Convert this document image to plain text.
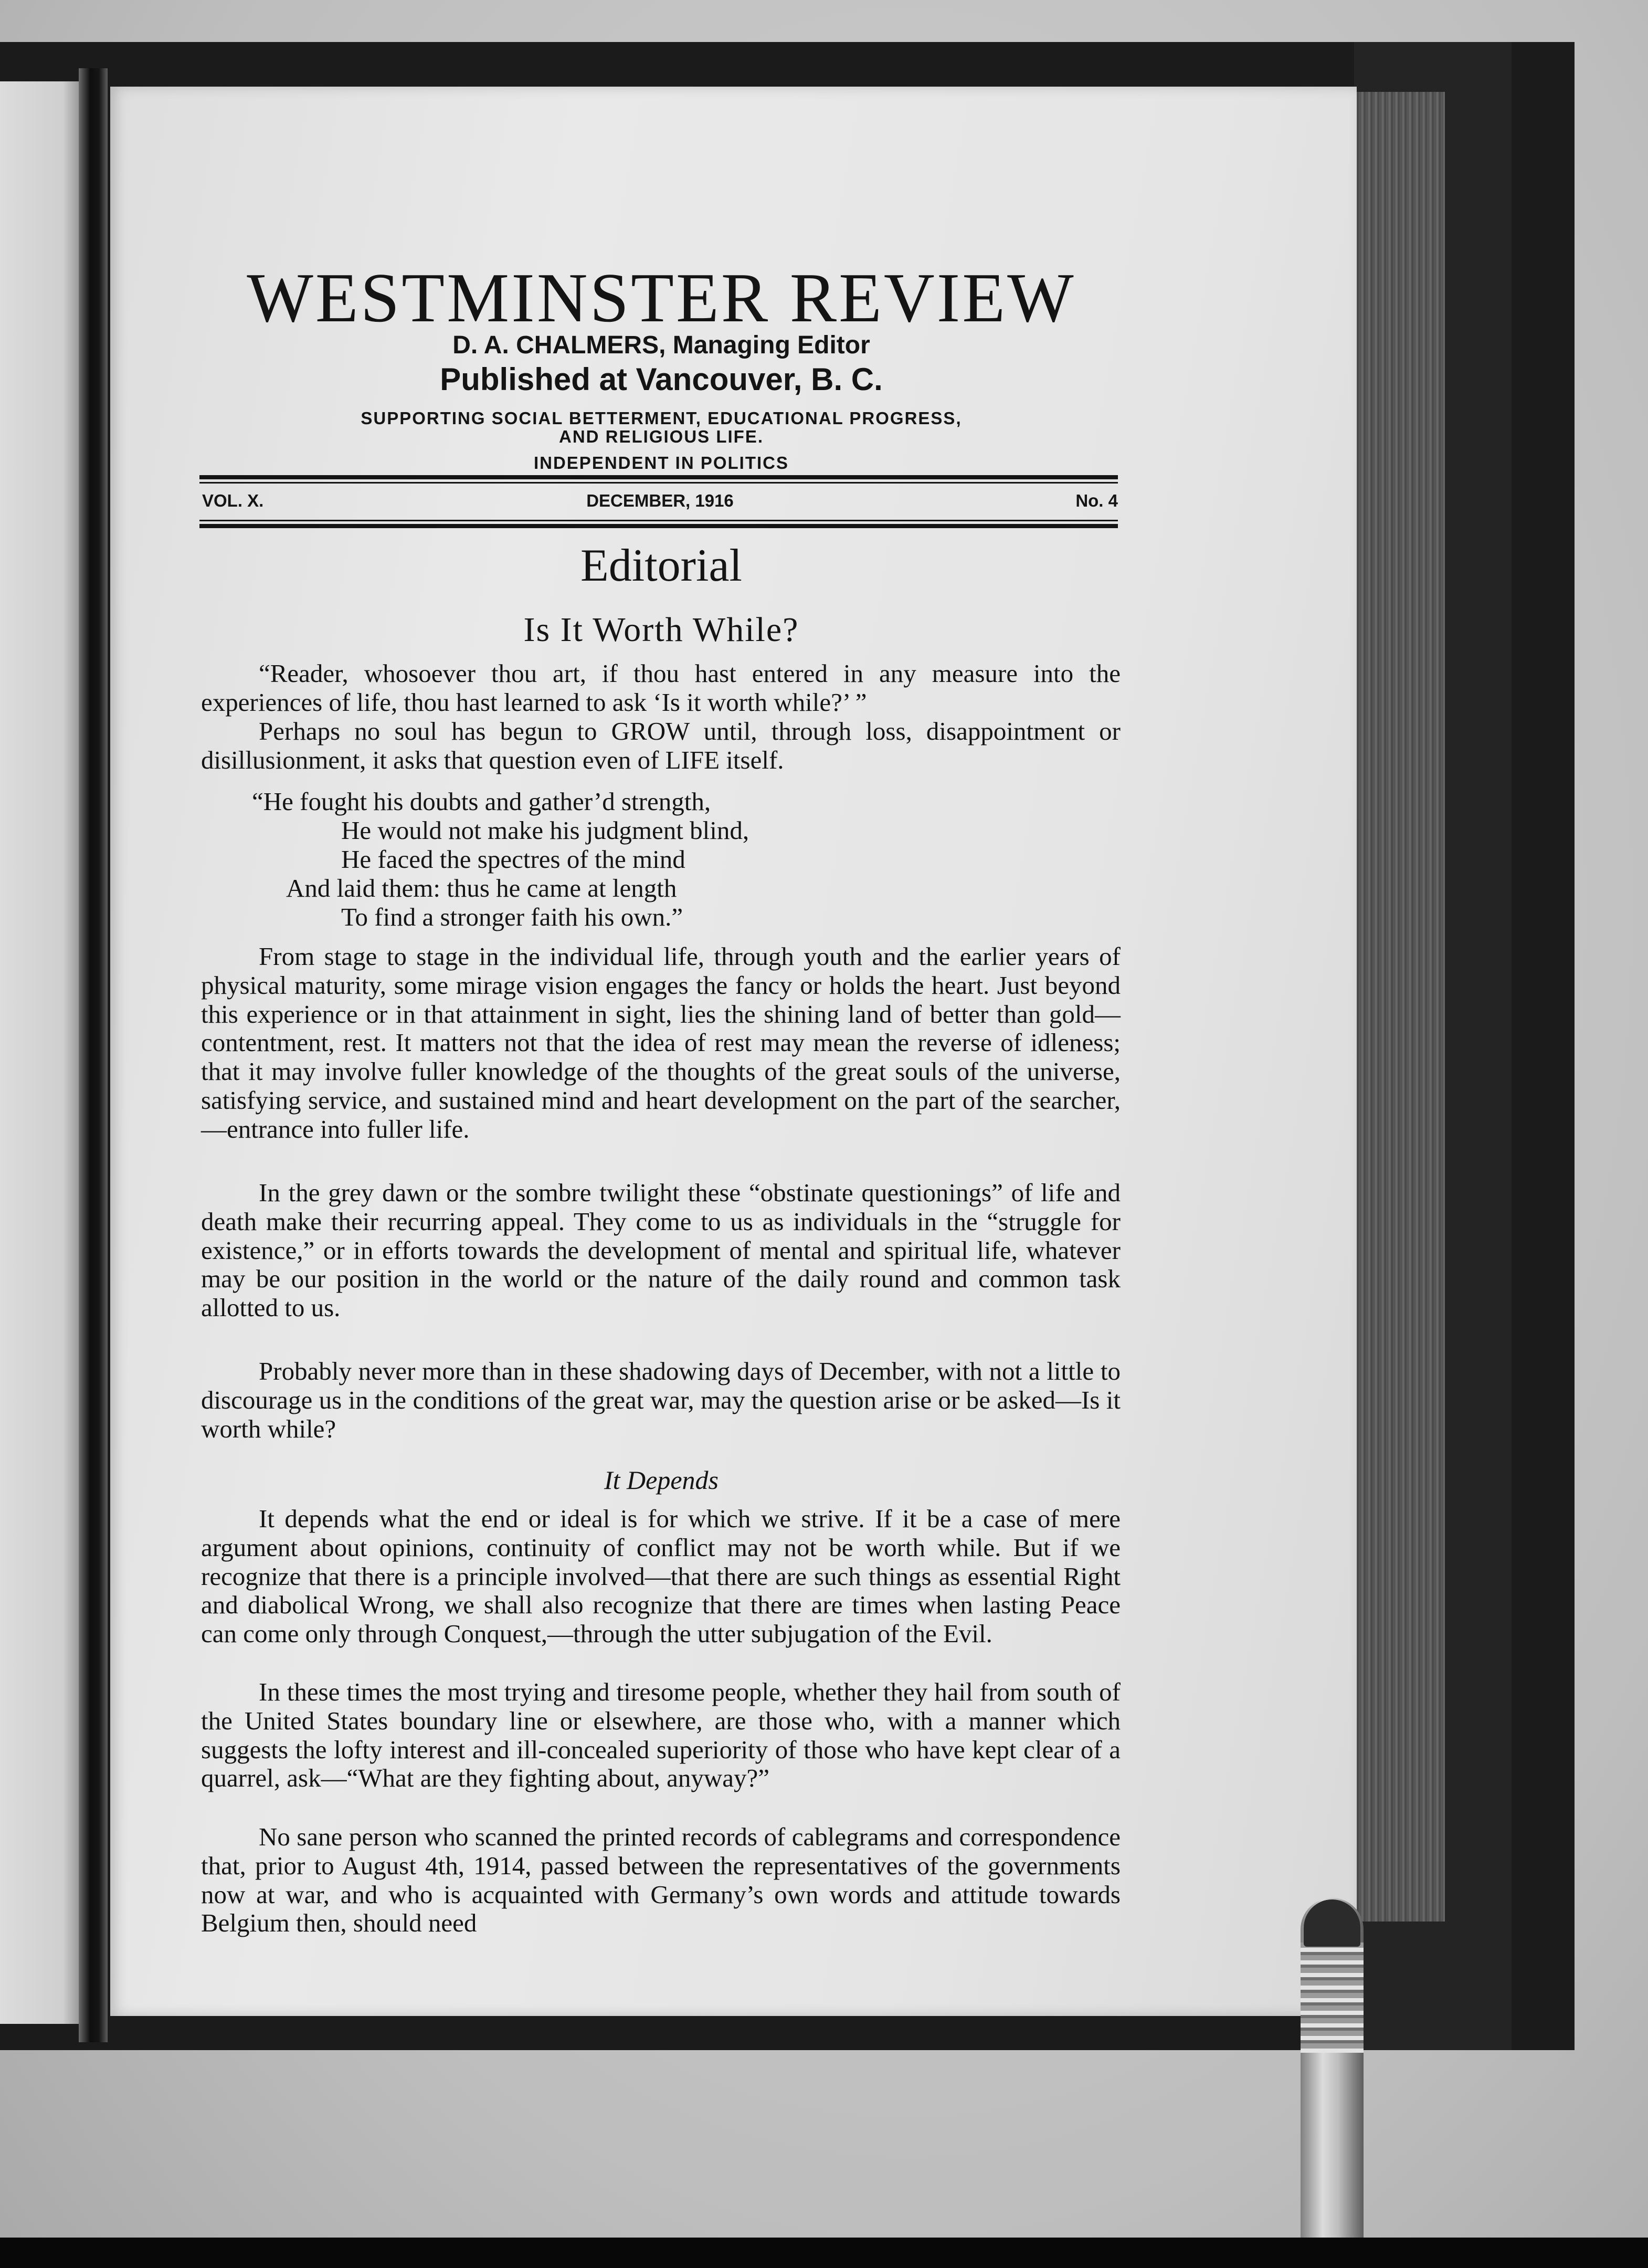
WESTMINSTER REVIEW

D. A. CHALMERS, Managing Editor

Published at Vancouver, B. C.

SUPPORTING SOCIAL BETTERMENT, EDUCATIONAL PROGRESS,

AND RELIGIOUS LIFE.

INDEPENDENT IN POLITICS

DECEMBER, 1916
VOL. X.	No. 4
Editorial
Is It Worth While?

“Reader, whosoever thou art, if thou hast entered in any measure into the experiences of life, thou hast learned to ask ‘Is it worth while?’ ”

Perhaps no soul has begun to GROW until, through loss, disappointment or disillusionment, it asks that question even of LIFE itself.

“He fought his doubts and gather’d strength,

He would not make his judgment blind,

He faced the spectres of the mind

And laid them: thus he came at length

To find a stronger faith his own.”

From stage to stage in the individual life, through youth and the earlier years of physical maturity, some mirage vision engages the fancy or holds the heart. Just beyond this experience or in that attainment in sight, lies the shining land of better than gold—contentment, rest. It matters not that the idea of rest may mean the reverse of idleness; that it may involve fuller knowledge of the thoughts of the great souls of the universe, satisfying service, and sustained mind and heart development on the part of the searcher,—entrance into fuller life.

In the grey dawn or the sombre twilight these “obstinate questionings” of life and death make their recurring appeal. They come to us as individuals in the “struggle for existence,” or in efforts towards the development of mental and spiritual life, whatever may be our position in the world or the nature of the daily round and common task allotted to us.

Probably never more than in these shadowing days of December, with not a little to discourage us in the conditions of the great war, may the question arise or be asked—Is it worth while?

It Depends

It depends what the end or ideal is for which we strive. If it be a case of mere argument about opinions, continuity of conflict may not be worth while. But if we recognize that there is a principle involved—that there are such things as essential Right and diabolical Wrong, we shall also recognize that there are times when lasting Peace can come only through Conquest,—through the utter subjugation of the Evil.

In these times the most trying and tiresome people, whether they hail from south of the United States boundary line or elsewhere, are those who, with a manner which suggests the lofty interest and ill-concealed superiority of those who have kept clear of a quarrel, ask—“What are they fighting about, anyway?”

No sane person who scanned the printed records of cablegrams and correspondence that, prior to August 4th, 1914, passed between the representatives of the governments now at war, and who is acquainted with Germany’s own words and attitude towards Belgium then, should need
